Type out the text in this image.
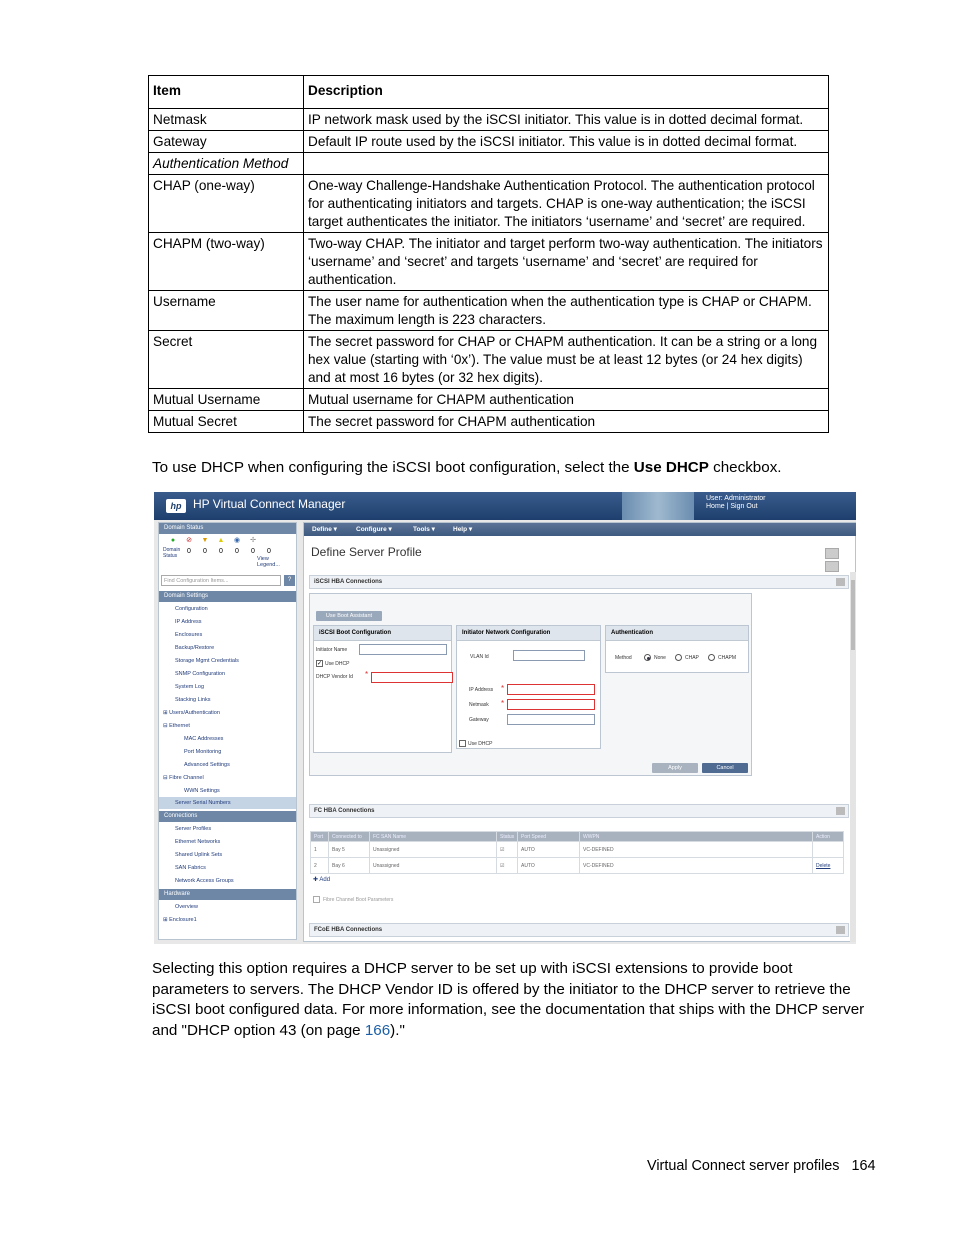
Item	Description
Netmask	IP network mask used by the iSCSI initiator. This value is in dotted decimal format.
Gateway	Default IP route used by the iSCSI initiator. This value is in dotted decimal format.
Authentication Method	
CHAP (one-way)	One-way Challenge-Handshake Authentication Protocol. The authentication protocol for authenticating initiators and targets. CHAP is one-way authentication; the iSCSI target authenticates the initiator. The initiators ‘username’ and ‘secret’ are required.
CHAPM (two-way)	Two-way CHAP. The initiator and target perform two-way authentication. The initiators ‘username’ and ‘secret’ and targets ‘username’ and ‘secret’ are required for authentication.
Username	The user name for authentication when the authentication type is CHAP or CHAPM. The maximum length is 223 characters.
Secret	The secret password for CHAP or CHAPM authentication. It can be a string or a long hex value (starting with ‘0x’). The value must be at least 12 bytes (or 24 hex digits) and at most 16 bytes (or 32 hex digits).
Mutual Username	Mutual username for CHAPM authentication
Mutual Secret	The secret password for CHAPM authentication

To use DHCP when configuring the iSCSI boot configuration, select the Use DHCP checkbox.

hp HP Virtual Connect Manager	User: Administrator
Home | Sign Out
Domain Status
● ⊘ ▼ ▲ ◉ ✢
Domain Status
0 0 0 0 0 0
View Legend...
Find Configuration Items...	?
Domain Settings
Configuration
IP Address
Enclosures
Backup/Restore
Storage Mgmt Credentials
SNMP Configuration
System Log
Stacking Links
⊞ Users/Authentication
⊟ Ethernet
MAC Addresses
Port Monitoring
Advanced Settings
⊟ Fibre Channel
WWN Settings
Server Serial Numbers
Connections
Server Profiles
Ethernet Networks
Shared Uplink Sets
SAN Fabrics
Network Access Groups
Hardware
Overview
⊞ Enclosure1
Define ▾	Configure ▾	Tools ▾	Help ▾
Define Server Profile
iSCSI HBA Connections
Use Boot Assistant
iSCSI Boot Configuration
Initiator Name
✓ Use DHCP
DHCP Vendor Id *
Initiator Network Configuration
VLAN Id
IP Address *
Netmask *
Gateway
Use DHCP
Authentication
Method	None	CHAP	CHAPM
Apply	Cancel
FC HBA Connections
✚ Add
Fibre Channel Boot Parameters
FCoE HBA Connections
Port	Connected to	FC SAN Name	Status	Port Speed	WWPN	Action
1	Bay 5	Unassigned	☑	AUTO	VC-DEFINED	
2	Bay 6	Unassigned	☑	AUTO	VC-DEFINED	Delete

Selecting this option requires a DHCP server to be set up with iSCSI extensions to provide boot parameters to servers. The DHCP Vendor ID is offered by the initiator to the DHCP server to retrieve the iSCSI boot configured data. For more information, see the documentation that ships with the DHCP server and "DHCP option 43 (on page 166)."

Virtual Connect server profiles 164
